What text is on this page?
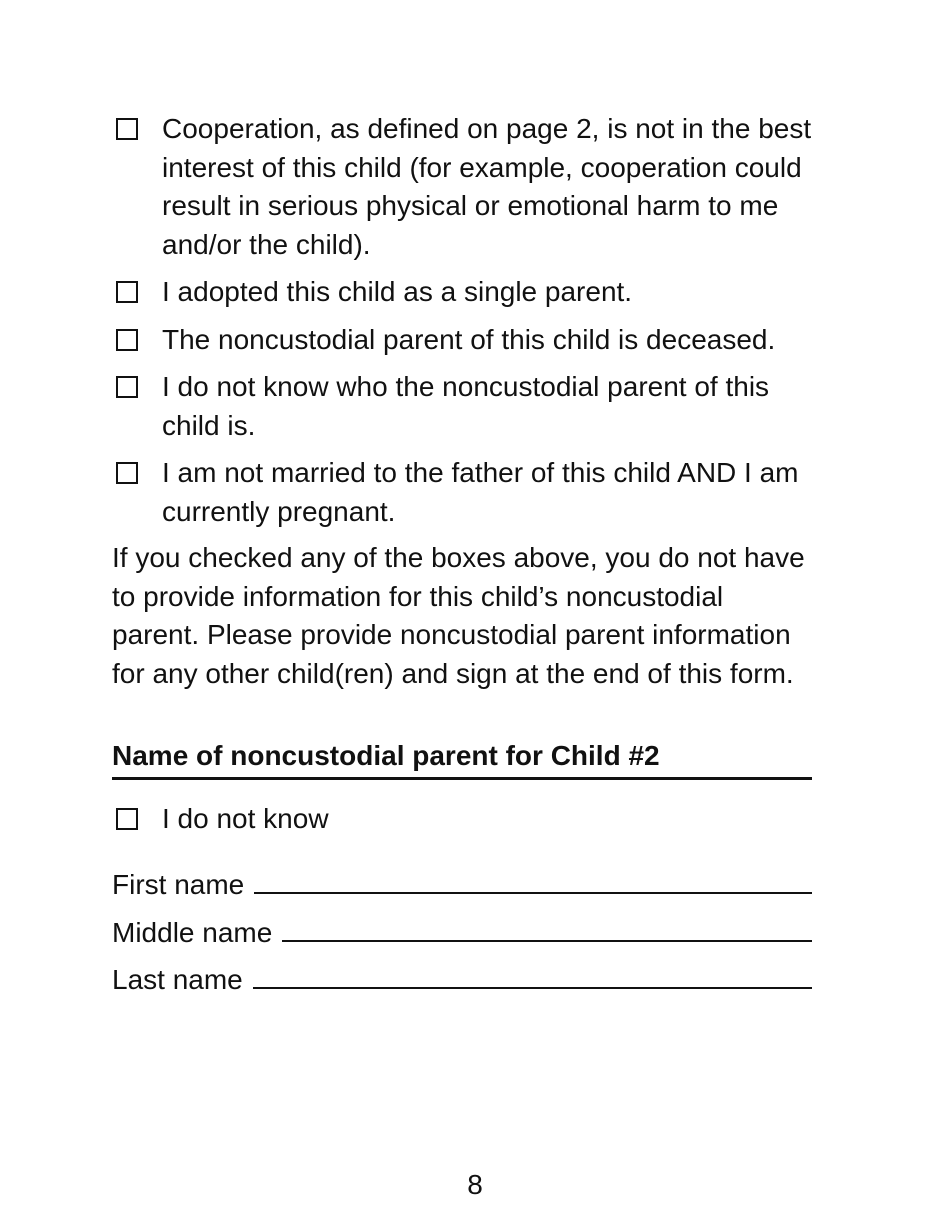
Cooperation, as defined on page 2, is not in the best interest of this child (for example, cooperation could result in serious physical or emotional harm to me and/or the child).
I adopted this child as a single parent.
The noncustodial parent of this child is deceased.
I do not know who the noncustodial parent of this child is.
I am not married to the father of this child AND I am currently pregnant.

If you checked any of the boxes above, you do not have to provide information for this child’s noncustodial parent. Please provide noncustodial parent information for any other child(ren) and sign at the end of this form.

Name of noncustodial parent for Child #2
I do not know
First name
Middle name
Last name
8
